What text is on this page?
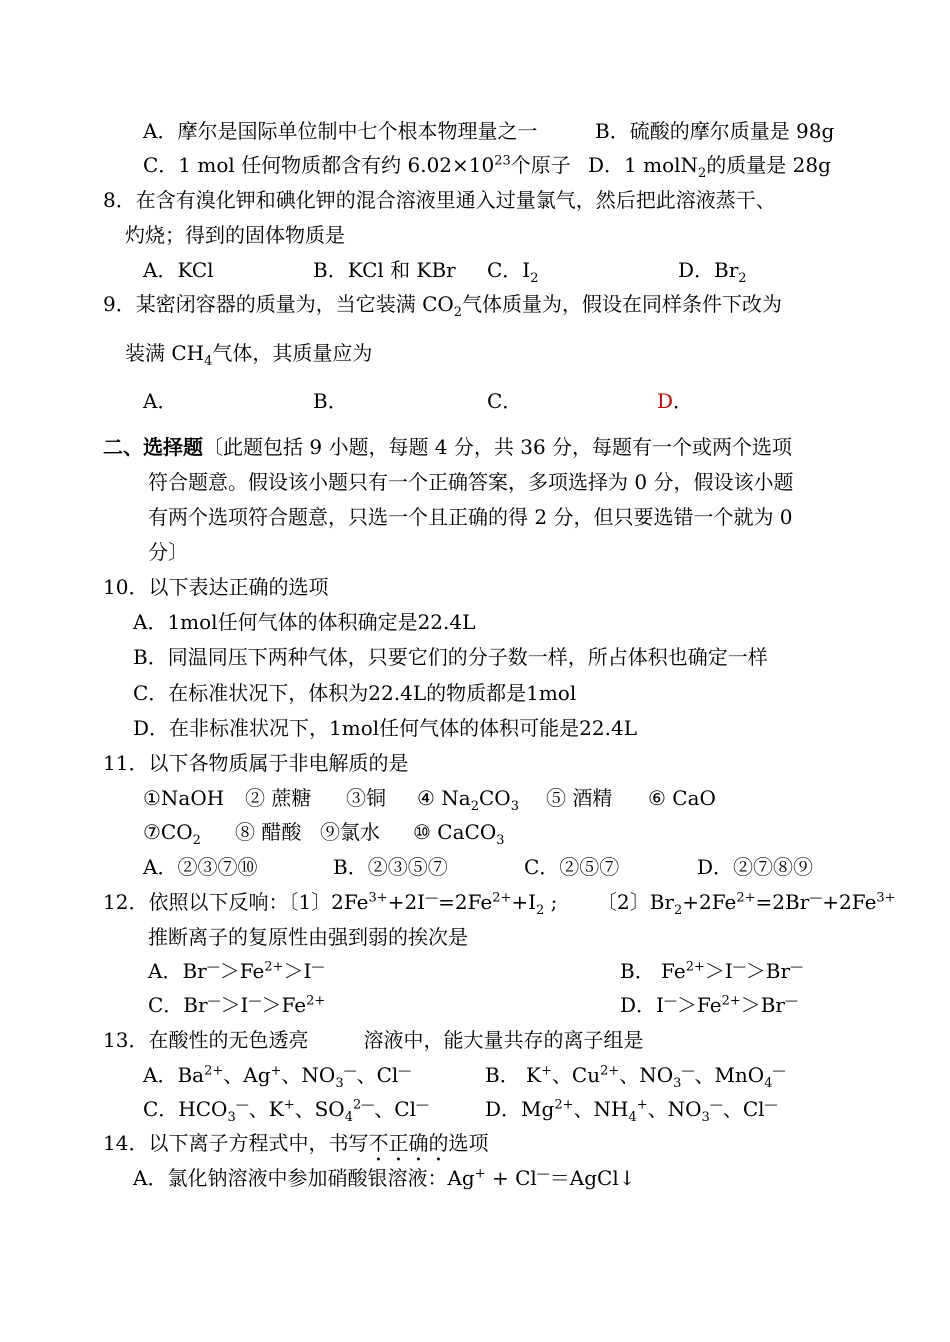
A．摩尔是国际单位制中七个根本物理量之一	B．硫酸的摩尔质量是 98g
C．1 mol 任何物质都含有约 $6.02\times 10^{23}$个原子 D．1 molN$_2$的质量是 28g
8．在含有溴化钾和碘化钾的混合溶液里通入过量氯气，然后把此溶液蒸干、
灼烧；得到的固体物质是
A．KCl	B．KCl 和 KBr C．$I_2$	D．$Br_2$
9．某密闭容器的质量为，当它装满 $CO_2$气体质量为，假设在同样条件下改为
装满 $CH_4$气体，其质量应为
A．	B．	C．	D．
二、选择题〔此题包括 9 小题，每题 4 分，共 36 分，每题有一个或两个选项
符合题意。假设该小题只有一个正确答案，多项选择为 0 分，假设该小题
有两个选项符合题意，只选一个且正确的得 2 分，但只要选错一个就为 0
分〕
10．以下表达正确的选项
A．1mol任何气体的体积确定是22.4L
B．同温同压下两种气体，只要它们的分子数一样，所占体积也确定一样
C．在标准状况下，体积为22.4L的物质都是1mol
D．在非标准状况下，1mol任何气体的体积可能是22.4L
11．以下各物质属于非电解质的是
①NaOH ② 蔗糖 ③铜 ④ $Na_2CO_3$ ⑤ 酒精 ⑥ CaO
$⑦CO_2$ ⑧ 醋酸 ⑨氯水 ⑩ CaCO$_3$
A．②③⑦⑩	B．②③⑤⑦	C．②⑤⑦	D．②⑦⑧⑨
12．依照以下反响：〔1〕$2Fe^{3+}+2I^—=2Fe^{2+}+I_2$ ; 〔2〕$Br_2+2Fe^{2+}=2Br^—+2Fe^{3+}$
推断离子的复原性由强到弱的挨次是
A．$Br^—>Fe^{2+}>I^—$	B． $Fe^{2+}>I^—>Br^—$
C．$Br^—>I^—>Fe^{2+}$	D．$I^—>Fe^{2+}>Br^—$
13．在酸性的无色透亮	溶液中，能大量共存的离子组是
A．$Ba^{2+}$、Ag+、$NO_3^—$、Cl—	B． K+、$Cu^{2+}$、$NO_3^—$、MnO$_4$—
C．$HCO_3^—$、K+、$SO_4^{2—}$、Cl—	D．$Mg^{2+}$、$NH_4^+$、$NO_3^—$、Cl—
14．以下离子方程式中，书写不正确的选项
A．氯化钠溶液中参加硝酸银溶液：Ag+ + Cl—＝AgCl↓
